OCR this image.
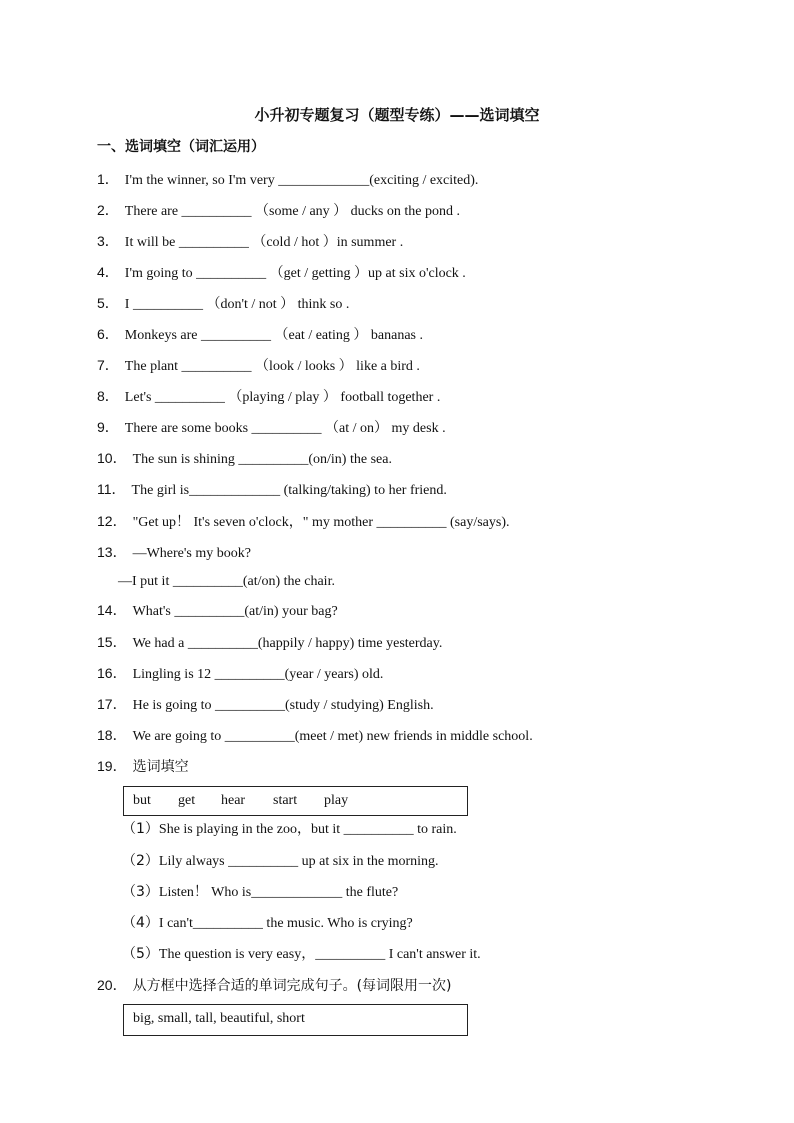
小升初专题复习（题型专练）——选词填空
一、选词填空（词汇运用）
1． I'm the winner, so I'm very _____________(exciting / excited).
2． There are __________ （some / any ） ducks on the pond .
3． It will be __________ （cold / hot ）in summer .
4． I'm going to __________ （get / getting ）up at six o'clock .
5． I __________ （don't / not ） think so .
6． Monkeys are __________ （eat / eating ） bananas .
7． The plant __________ （look / looks ） like a bird .
8． Let's __________ （playing / play ） football together .
9． There are some books __________ （at / on） my desk .
10． The sun is shining __________(on/in) the sea.
11． The girl is_____________ (talking/taking) to her friend.
12． "Get up！ It's seven o'clock，" my mother __________ (say/says).
13． —Where's my book?
—I put it __________(at/on) the chair.
14． What's __________(at/in) your bag?
15． We had a __________(happily / happy) time yesterday.
16． Lingling is 12 __________(year / years) old.
17． He is going to __________(study / studying) English.
18． We are going to __________(meet / met) new friends in middle school.
19． 选词填空
but get hear start play
（1）She is playing in the zoo，but it __________ to rain.
（2）Lily always __________ up at six in the morning.
（3）Listen！ Who is_____________ the flute?
（4）I can't__________ the music. Who is crying?
（5）The question is very easy，__________ I can't answer it.
20． 从方框中选择合适的单词完成句子。(每词限用一次)
big, small, tall, beautiful, short
